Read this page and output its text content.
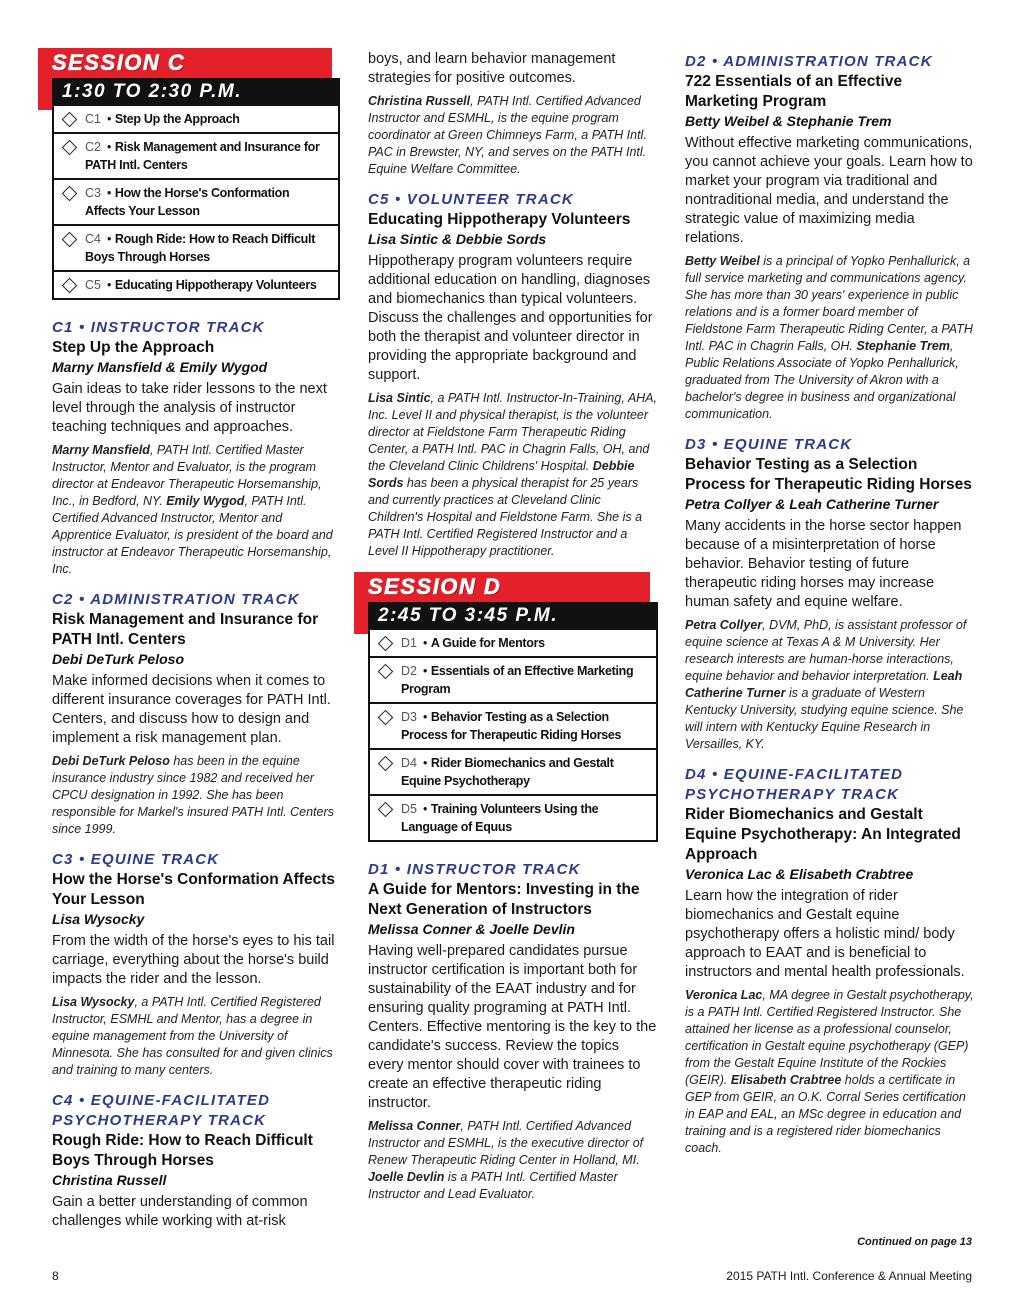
SESSION C
1:30 TO 2:30 P.M.
C1 • Step Up the Approach
C2 • Risk Management and Insurance for PATH Intl. Centers
C3 • How the Horse's Conformation Affects Your Lesson
C4 • Rough Ride: How to Reach Difficult Boys Through Horses
C5 • Educating Hippotherapy Volunteers
C1 • INSTRUCTOR TRACK
Step Up the Approach
Marny Mansfield & Emily Wygod
Gain ideas to take rider lessons to the next level through the analysis of instructor teaching techniques and approaches.
Marny Mansfield, PATH Intl. Certified Master Instructor, Mentor and Evaluator, is the program director at Endeavor Therapeutic Horsemanship, Inc., in Bedford, NY. Emily Wygod, PATH Intl. Certified Advanced Instructor, Mentor and Apprentice Evaluator, is president of the board and instructor at Endeavor Therapeutic Horsemanship, Inc.
C2 • ADMINISTRATION TRACK
Risk Management and Insurance for PATH Intl. Centers
Debi DeTurk Peloso
Make informed decisions when it comes to different insurance coverages for PATH Intl. Centers, and discuss how to design and implement a risk management plan.
Debi DeTurk Peloso has been in the equine insurance industry since 1982 and received her CPCU designation in 1992. She has been responsible for Markel's insured PATH Intl. Centers since 1999.
C3 • EQUINE TRACK
How the Horse's Conformation Affects Your Lesson
Lisa Wysocky
From the width of the horse's eyes to his tail carriage, everything about the horse's build impacts the rider and the lesson.
Lisa Wysocky, a PATH Intl. Certified Registered Instructor, ESMHL and Mentor, has a degree in equine management from the University of Minnesota. She has consulted for and given clinics and training to many centers.
C4 • EQUINE-FACILITATED PSYCHOTHERAPY TRACK
Rough Ride: How to Reach Difficult Boys Through Horses
Christina Russell
Gain a better understanding of common challenges while working with at-risk
boys, and learn behavior management strategies for positive outcomes.
Christina Russell, PATH Intl. Certified Advanced Instructor and ESMHL, is the equine program coordinator at Green Chimneys Farm, a PATH Intl. PAC in Brewster, NY, and serves on the PATH Intl. Equine Welfare Committee.
C5 • VOLUNTEER TRACK
Educating Hippotherapy Volunteers
Lisa Sintic & Debbie Sords
Hippotherapy program volunteers require additional education on handling, diagnoses and biomechanics than typical volunteers. Discuss the challenges and opportunities for both the therapist and volunteer director in providing the appropriate background and support.
Lisa Sintic, a PATH Intl. Instructor-In-Training, AHA, Inc. Level II and physical therapist, is the volunteer director at Fieldstone Farm Therapeutic Riding Center, a PATH Intl. PAC in Chagrin Falls, OH, and the Cleveland Clinic Childrens' Hospital. Debbie Sords has been a physical therapist for 25 years and currently practices at Cleveland Clinic Children's Hospital and Fieldstone Farm. She is a PATH Intl. Certified Registered Instructor and a Level II Hippotherapy practitioner.
SESSION D
2:45 TO 3:45 P.M.
D1 • A Guide for Mentors
D2 • Essentials of an Effective Marketing Program
D3 • Behavior Testing as a Selection Process for Therapeutic Riding Horses
D4 • Rider Biomechanics and Gestalt Equine Psychotherapy
D5 • Training Volunteers Using the Language of Equus
D1 • INSTRUCTOR TRACK
A Guide for Mentors: Investing in the Next Generation of Instructors
Melissa Conner & Joelle Devlin
Having well-prepared candidates pursue instructor certification is important both for sustainability of the EAAT industry and for ensuring quality programing at PATH Intl. Centers. Effective mentoring is the key to the candidate's success. Review the topics every mentor should cover with trainees to create an effective therapeutic riding instructor.
Melissa Conner, PATH Intl. Certified Advanced Instructor and ESMHL, is the executive director of Renew Therapeutic Riding Center in Holland, MI. Joelle Devlin is a PATH Intl. Certified Master Instructor and Lead Evaluator.
D2 • ADMINISTRATION TRACK
722 Essentials of an Effective Marketing Program
Betty Weibel & Stephanie Trem
Without effective marketing communications, you cannot achieve your goals. Learn how to market your program via traditional and nontraditional media, and understand the strategic value of maximizing media relations.
Betty Weibel is a principal of Yopko Penhallurick, a full service marketing and communications agency. She has more than 30 years' experience in public relations and is a former board member of Fieldstone Farm Therapeutic Riding Center, a PATH Intl. PAC in Chagrin Falls, OH. Stephanie Trem, Public Relations Associate of Yopko Penhallurick, graduated from The University of Akron with a bachelor's degree in business and organizational communication.
D3 • EQUINE TRACK
Behavior Testing as a Selection Process for Therapeutic Riding Horses
Petra Collyer & Leah Catherine Turner
Many accidents in the horse sector happen because of a misinterpretation of horse behavior. Behavior testing of future therapeutic riding horses may increase human safety and equine welfare.
Petra Collyer, DVM, PhD, is assistant professor of equine science at Texas A & M University. Her research interests are human-horse interactions, equine behavior and behavior interpretation. Leah Catherine Turner is a graduate of Western Kentucky University, studying equine science. She will intern with Kentucky Equine Research in Versailles, KY.
D4 • EQUINE-FACILITATED PSYCHOTHERAPY TRACK
Rider Biomechanics and Gestalt Equine Psychotherapy: An Integrated Approach
Veronica Lac & Elisabeth Crabtree
Learn how the integration of rider biomechanics and Gestalt equine psychotherapy offers a holistic mind/ body approach to EAAT and is beneficial to instructors and mental health professionals.
Veronica Lac, MA degree in Gestalt psychotherapy, is a PATH Intl. Certified Registered Instructor. She attained her license as a professional counselor, certification in Gestalt equine psychotherapy (GEP) from the Gestalt Equine Institute of the Rockies (GEIR). Elisabeth Crabtree holds a certificate in GEP from GEIR, an O.K. Corral Series certification in EAP and EAL, an MSc degree in education and training and is a registered rider biomechanics coach.
Continued on page 13
8	2015 PATH Intl. Conference & Annual Meeting
